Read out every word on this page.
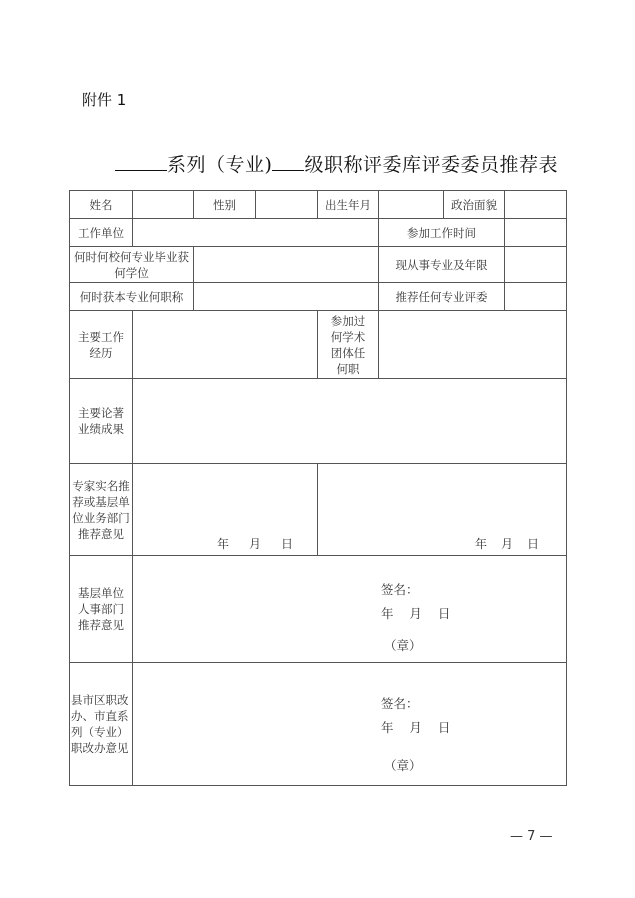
附件 1
系列（专业) 级职称评委库评委委员推荐表
姓名		性别		出生年月		政治面貌	
工作单位					参加工作时间		
何时何校何专业毕业获何学位					现从事专业及年限		
何时获本专业何职称					推荐任何专业评委		
主要工作经历				参加过何学术团体任何职			
主要论著业绩成果							
专家实名推荐或基层单位业务部门推荐意见	年 月 日			年 月 日			

基层单位人事部门推荐意见	签名：
年 月 日
（章）						

县市区职改办、市直系列（专业）职改办意见	签名：
年 月 日
（章）						
— 7 —
